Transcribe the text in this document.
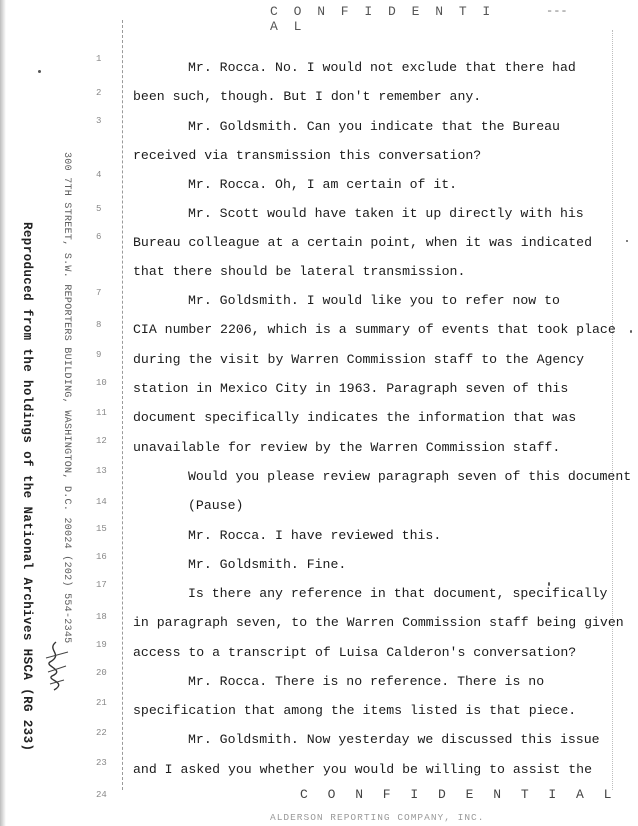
C O N F I D E N T I A L
---
Reproduced from the holdings of the National Archives HSCA (RG 233)	300 7TH STREET, S.W. REPORTERS BUILDING, WASHINGTON, D.C. 20024 (202) 554-2345
1
2
3
4
5
6
7
8
9
10
11
12
13
14
15
16
17
18
19
20
21
22
23
24
Mr. Rocca. No. I would not exclude that there had
been such, though. But I don't remember any.
Mr. Goldsmith. Can you indicate that the Bureau
received via transmission this conversation?
Mr. Rocca. Oh, I am certain of it.
Mr. Scott would have taken it up directly with his
Bureau colleague at a certain point, when it was indicated
that there should be lateral transmission.
Mr. Goldsmith. I would like you to refer now to
CIA number 2206, which is a summary of events that took place
during the visit by Warren Commission staff to the Agency
station in Mexico City in 1963. Paragraph seven of this
document specifically indicates the information that was
unavailable for review by the Warren Commission staff.
Would you please review paragraph seven of this document
(Pause)
Mr. Rocca. I have reviewed this.
Mr. Goldsmith. Fine.
Is there any reference in that document, specifically
in paragraph seven, to the Warren Commission staff being given
access to a transcript of Luisa Calderon's conversation?
Mr. Rocca. There is no reference. There is no
specification that among the items listed is that piece.
Mr. Goldsmith. Now yesterday we discussed this issue
and I asked you whether you would be willing to assist the
C O N F I D E N T I A L
ALDERSON REPORTING COMPANY, INC.
